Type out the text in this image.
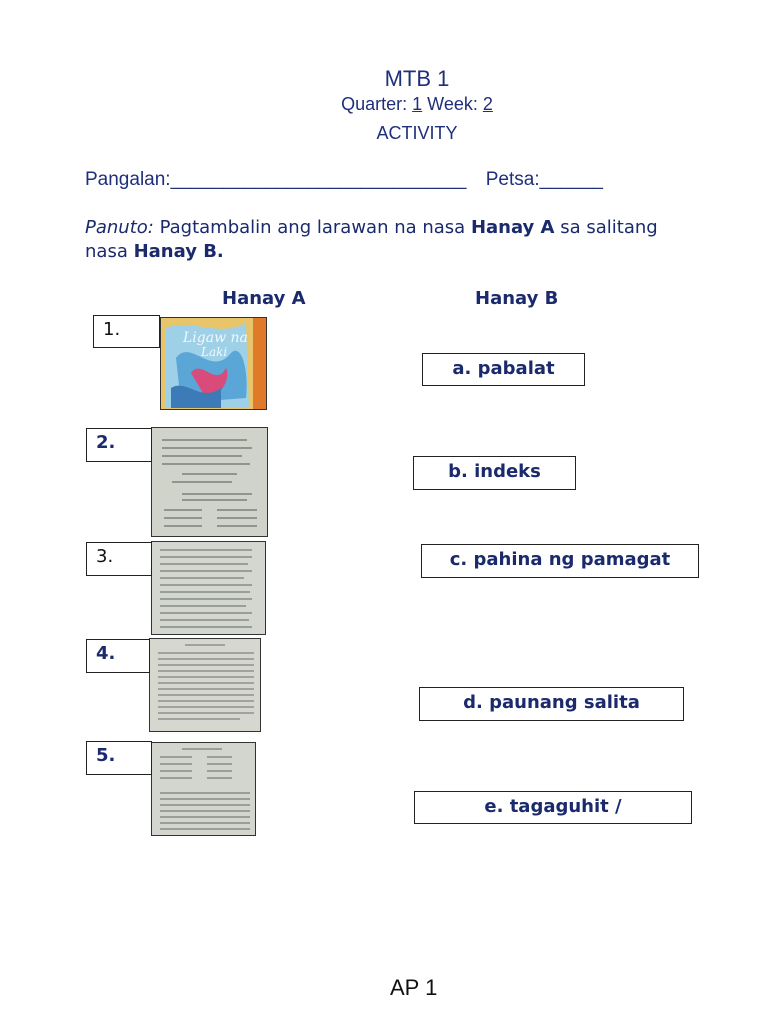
MTB 1
Quarter: 1 Week: 2
ACTIVITY
Pangalan:____________________________ Petsa:______
Panuto: Pagtambalin ang larawan na nasa Hanay A sa salitang nasa Hanay B.
Hanay A	Hanay B
Ligaw na
Laki
1.
2.
3.
4.
5.
a. pabalat
b. indeks
c. pahina ng pamagat
d. paunang salita
e. tagaguhit /
AP 1
